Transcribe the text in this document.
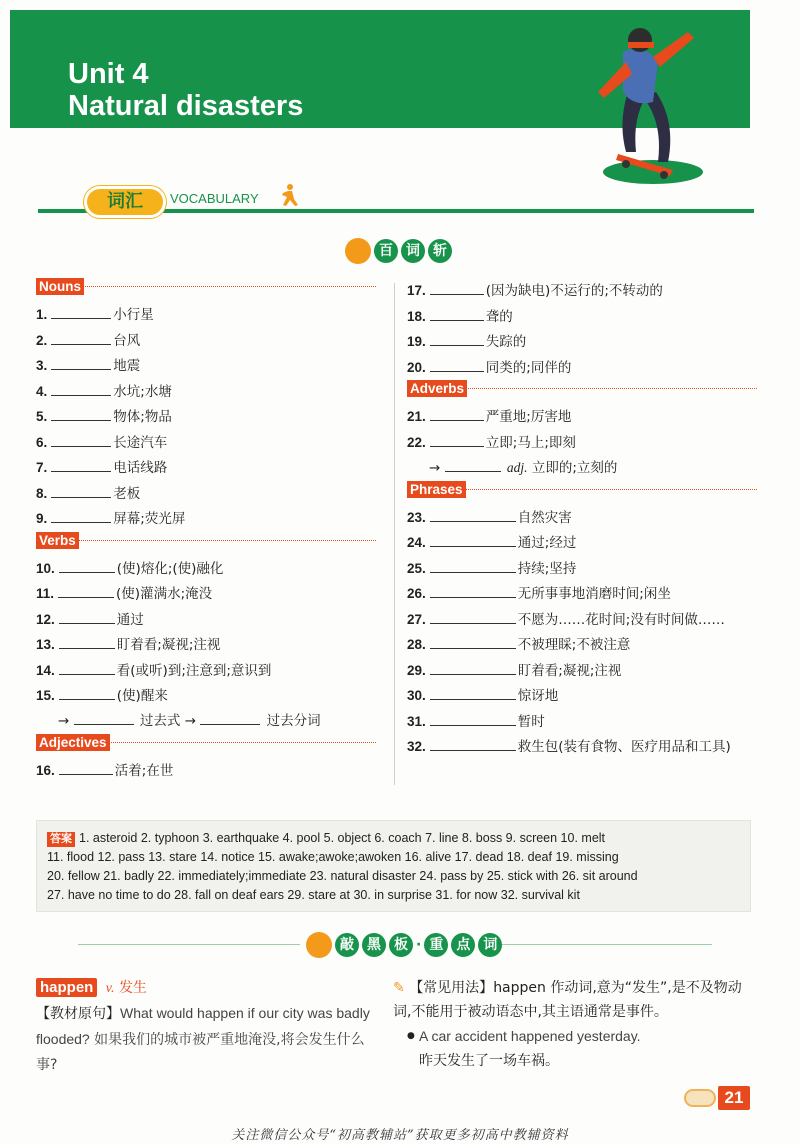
Unit 4
Natural disasters
词汇	VOCABULARY
百 词 斩
Nouns
1.	小行星
2.	台风
3.	地震
4.	水坑;水塘
5.	物体;物品
6.	长途汽车
7.	电话线路
8.	老板
9.	屏幕;荧光屏
Verbs
10.	(使)熔化;(使)融化
11.	(使)灌满水;淹没
12.	通过
13.	盯着看;凝视;注视
14.	看(或听)到;注意到;意识到
15.	(使)醒来
→	过去式 →	过去分词
Adjectives
16.	活着;在世
17.	(因为缺电)不运行的;不转动的
18.	聋的
19.	失踪的
20.	同类的;同伴的
Adverbs
21.	严重地;厉害地
22.	立即;马上;即刻
→	adj. 立即的;立刻的
Phrases
23.	自然灾害
24.	通过;经过
25.	持续;坚持
26.	无所事事地消磨时间;闲坐
27.	不愿为……花时间;没有时间做……
28.	不被理睬;不被注意
29.	盯着看;凝视;注视
30.	惊讶地
31.	暂时
32.	救生包(装有食物、医疗用品和工具)
答案 1. asteroid 2. typhoon 3. earthquake 4. pool 5. object 6. coach 7. line 8. boss 9. screen 10. melt
11. flood 12. pass 13. stare 14. notice 15. awake;awoke;awoken 16. alive 17. dead 18. deaf 19. missing
20. fellow 21. badly 22. immediately;immediate 23. natural disaster 24. pass by 25. stick with 26. sit around
27. have no time to do 28. fall on deaf ears 29. stare at 30. in surprise 31. for now 32. survival kit
敲 黑 板 · 重 点 词
happen v. 发生
【教材原句】What would happen if our city was badly flooded? 如果我们的城市被严重地淹没,将会发生什么事?
✎ 【常见用法】happen 作动词,意为“发生”,是不及物动词,不能用于被动语态中,其主语通常是事件。
● A car accident happened yesterday.
昨天发生了一场车祸。
21
关注微信公众号“初高教辅站”获取更多初高中教辅资料
